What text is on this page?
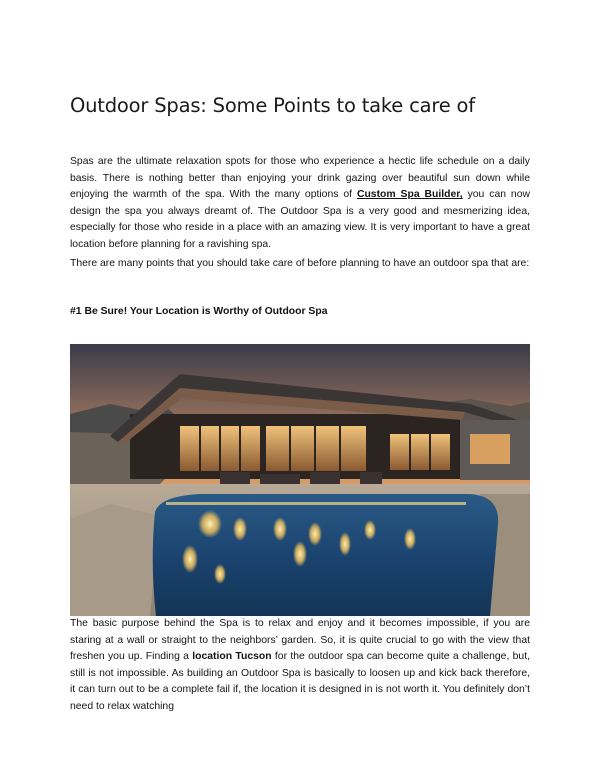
Outdoor Spas: Some Points to take care of

Spas are the ultimate relaxation spots for those who experience a hectic life schedule on a daily basis. There is nothing better than enjoying your drink gazing over beautiful sun down while enjoying the warmth of the spa. With the many options of Custom Spa Builder, you can now design the spa you always dreamt of. The Outdoor Spa is a very good and mesmerizing idea, especially for those who reside in a place with an amazing view. It is very important to have a great location before planning for a ravishing spa.

There are many points that you should take care of before planning to have an outdoor spa that are:

#1 Be Sure! Your Location is Worthy of Outdoor Spa

The basic purpose behind the Spa is to relax and enjoy and it becomes impossible, if you are staring at a wall or straight to the neighbors’ garden. So, it is quite crucial to go with the view that freshen you up. Finding a location Tucson for the outdoor spa can become quite a challenge, but, still is not impossible. As building an Outdoor Spa is basically to loosen up and kick back therefore, it can turn out to be a complete fail if, the location it is designed in is not worth it. You definitely don’t need to relax watching
